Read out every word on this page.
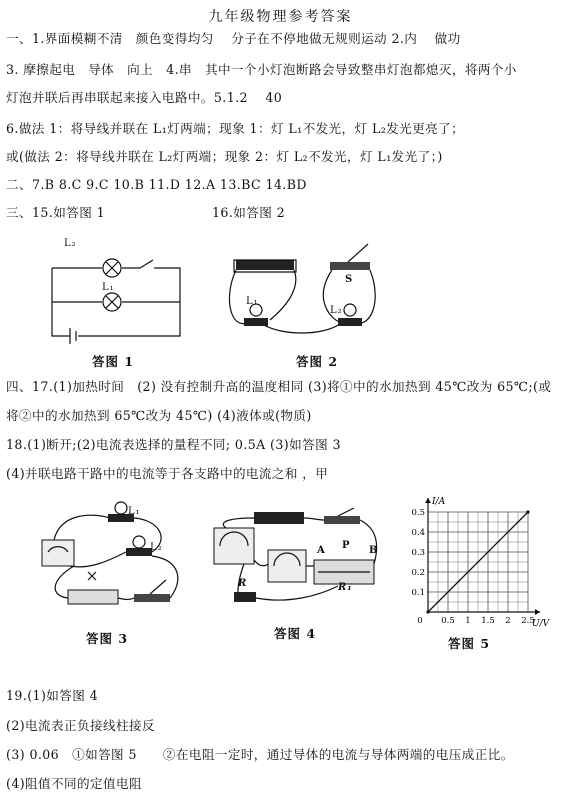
九年级物理参考答案
一、1.界面模糊不清　颜色变得均匀　 分子在不停地做无规则运动 2.内　 做功
3. 摩擦起电　导体　向上　4.串　其中一个小灯泡断路会导致整串灯泡都熄灭，将两个小
灯泡并联后再串联起来接入电路中。5.1.2　 40
6.做法 1：将导线并联在 L₁灯两端；现象 1：灯 L₁不发光，灯 L₂发光更亮了；
或(做法 2：将导线并联在 L₂灯两端；现象 2：灯 L₂不发光，灯 L₁发光了；)
二、7.B 8.C 9.C 10.B 11.D 12.A 13.BC 14.BD
三、15.如答图 1	16.如答图 2
L₂
L₁
答图 1
S
L₁
L₂
答图 2
四、17.(1)加热时间　(2) 没有控制升高的温度相同 (3)将①中的水加热到 45℃改为 65℃;(或
将②中的水加热到 65℃改为 45℃) (4)液体或(物质)
18.(1)断开;(2)电流表选择的量程不同; 0.5A (3)如答图 3
(4)并联电路干路中的电流等于各支路中的电流之和 ，甲
L₁
L₂
答图 3
A	B
P
R	R₁
答图 4
0 0.5 1 1.5 2 2.5
0.1
0.2
0.3
0.4
0.5
I/A
U/V
答图 5
19.(1)如答图 4
(2)电流表正负接线柱接反
(3) 0.06　①如答图 5　　②在电阻一定时，通过导体的电流与导体两端的电压成正比。
(4)阻值不同的定值电阻
